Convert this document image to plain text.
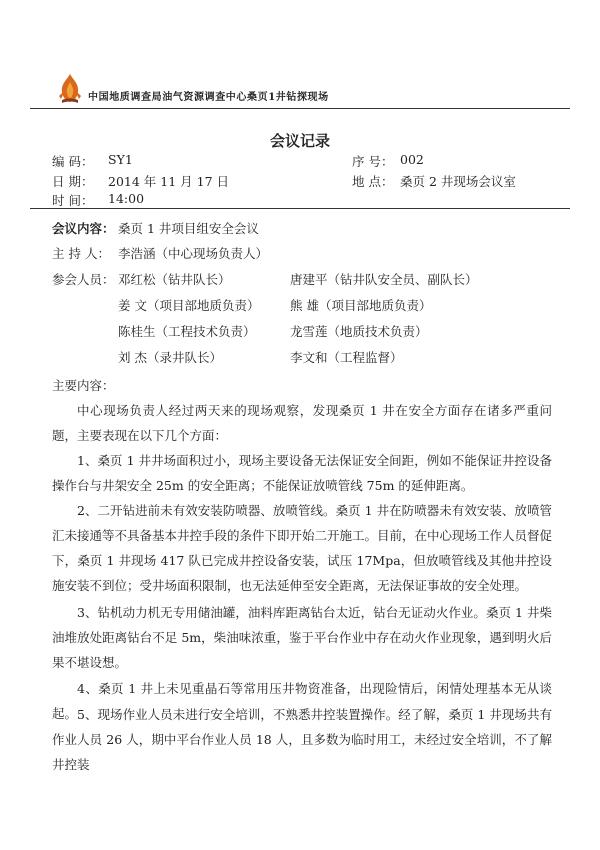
中国地质调查局油气资源调查中心桑页1井钻探现场
会议记录
编 码： SY1	序 号： 002
日 期： 2014 年 11 月 17 日	地 点： 桑页 2 井现场会议室
时 间： 14:00
会议内容： 桑页 1 井项目组安全会议
主 持 人： 李浩涵（中心现场负责人）
参会人员： 邓红松（钻井队长）	唐建平（钻井队安全员、副队长）
姜 文（项目部地质负责） 熊 雄（项目部地质负责）
陈桂生（工程技术负责）	龙雪莲（地质技术负责）
刘 杰（录井队长）	李文和（工程监督）
主要内容：
中心现场负责人经过两天来的现场观察，发现桑页 1 井在安全方面存在诸多严重问题，主要表现在以下几个方面：
1、桑页 1 井井场面积过小，现场主要设备无法保证安全间距，例如不能保证井控设备操作台与井架安全 25m 的安全距离；不能保证放喷管线 75m 的延伸距离。
2、二开钻进前未有效安装防喷器、放喷管线。桑页 1 井在防喷器未有效安装、放喷管汇未接通等不具备基本井控手段的条件下即开始二开施工。目前，在中心现场工作人员督促下，桑页 1 井现场 417 队已完成井控设备安装，试压 17Mpa，但放喷管线及其他井控设施安装不到位；受井场面积限制，也无法延伸至安全距离，无法保证事故的安全处理。
3、钻机动力机无专用储油罐，油料库距离钻台太近，钻台无证动火作业。桑页 1 井柴油堆放处距离钻台不足 5m，柴油味浓重，鉴于平台作业中存在动火作业现象，遇到明火后果不堪设想。
4、桑页 1 井上未见重晶石等常用压井物资准备，出现险情后，闲情处理基本无从谈起。 5、现场作业人员未进行安全培训，不熟悉井控装置操作。经了解，桑页 1 井现场共有作业人员 26 人，期中平台作业人员 18 人，且多数为临时用工，未经过安全培训，不了解井控装
